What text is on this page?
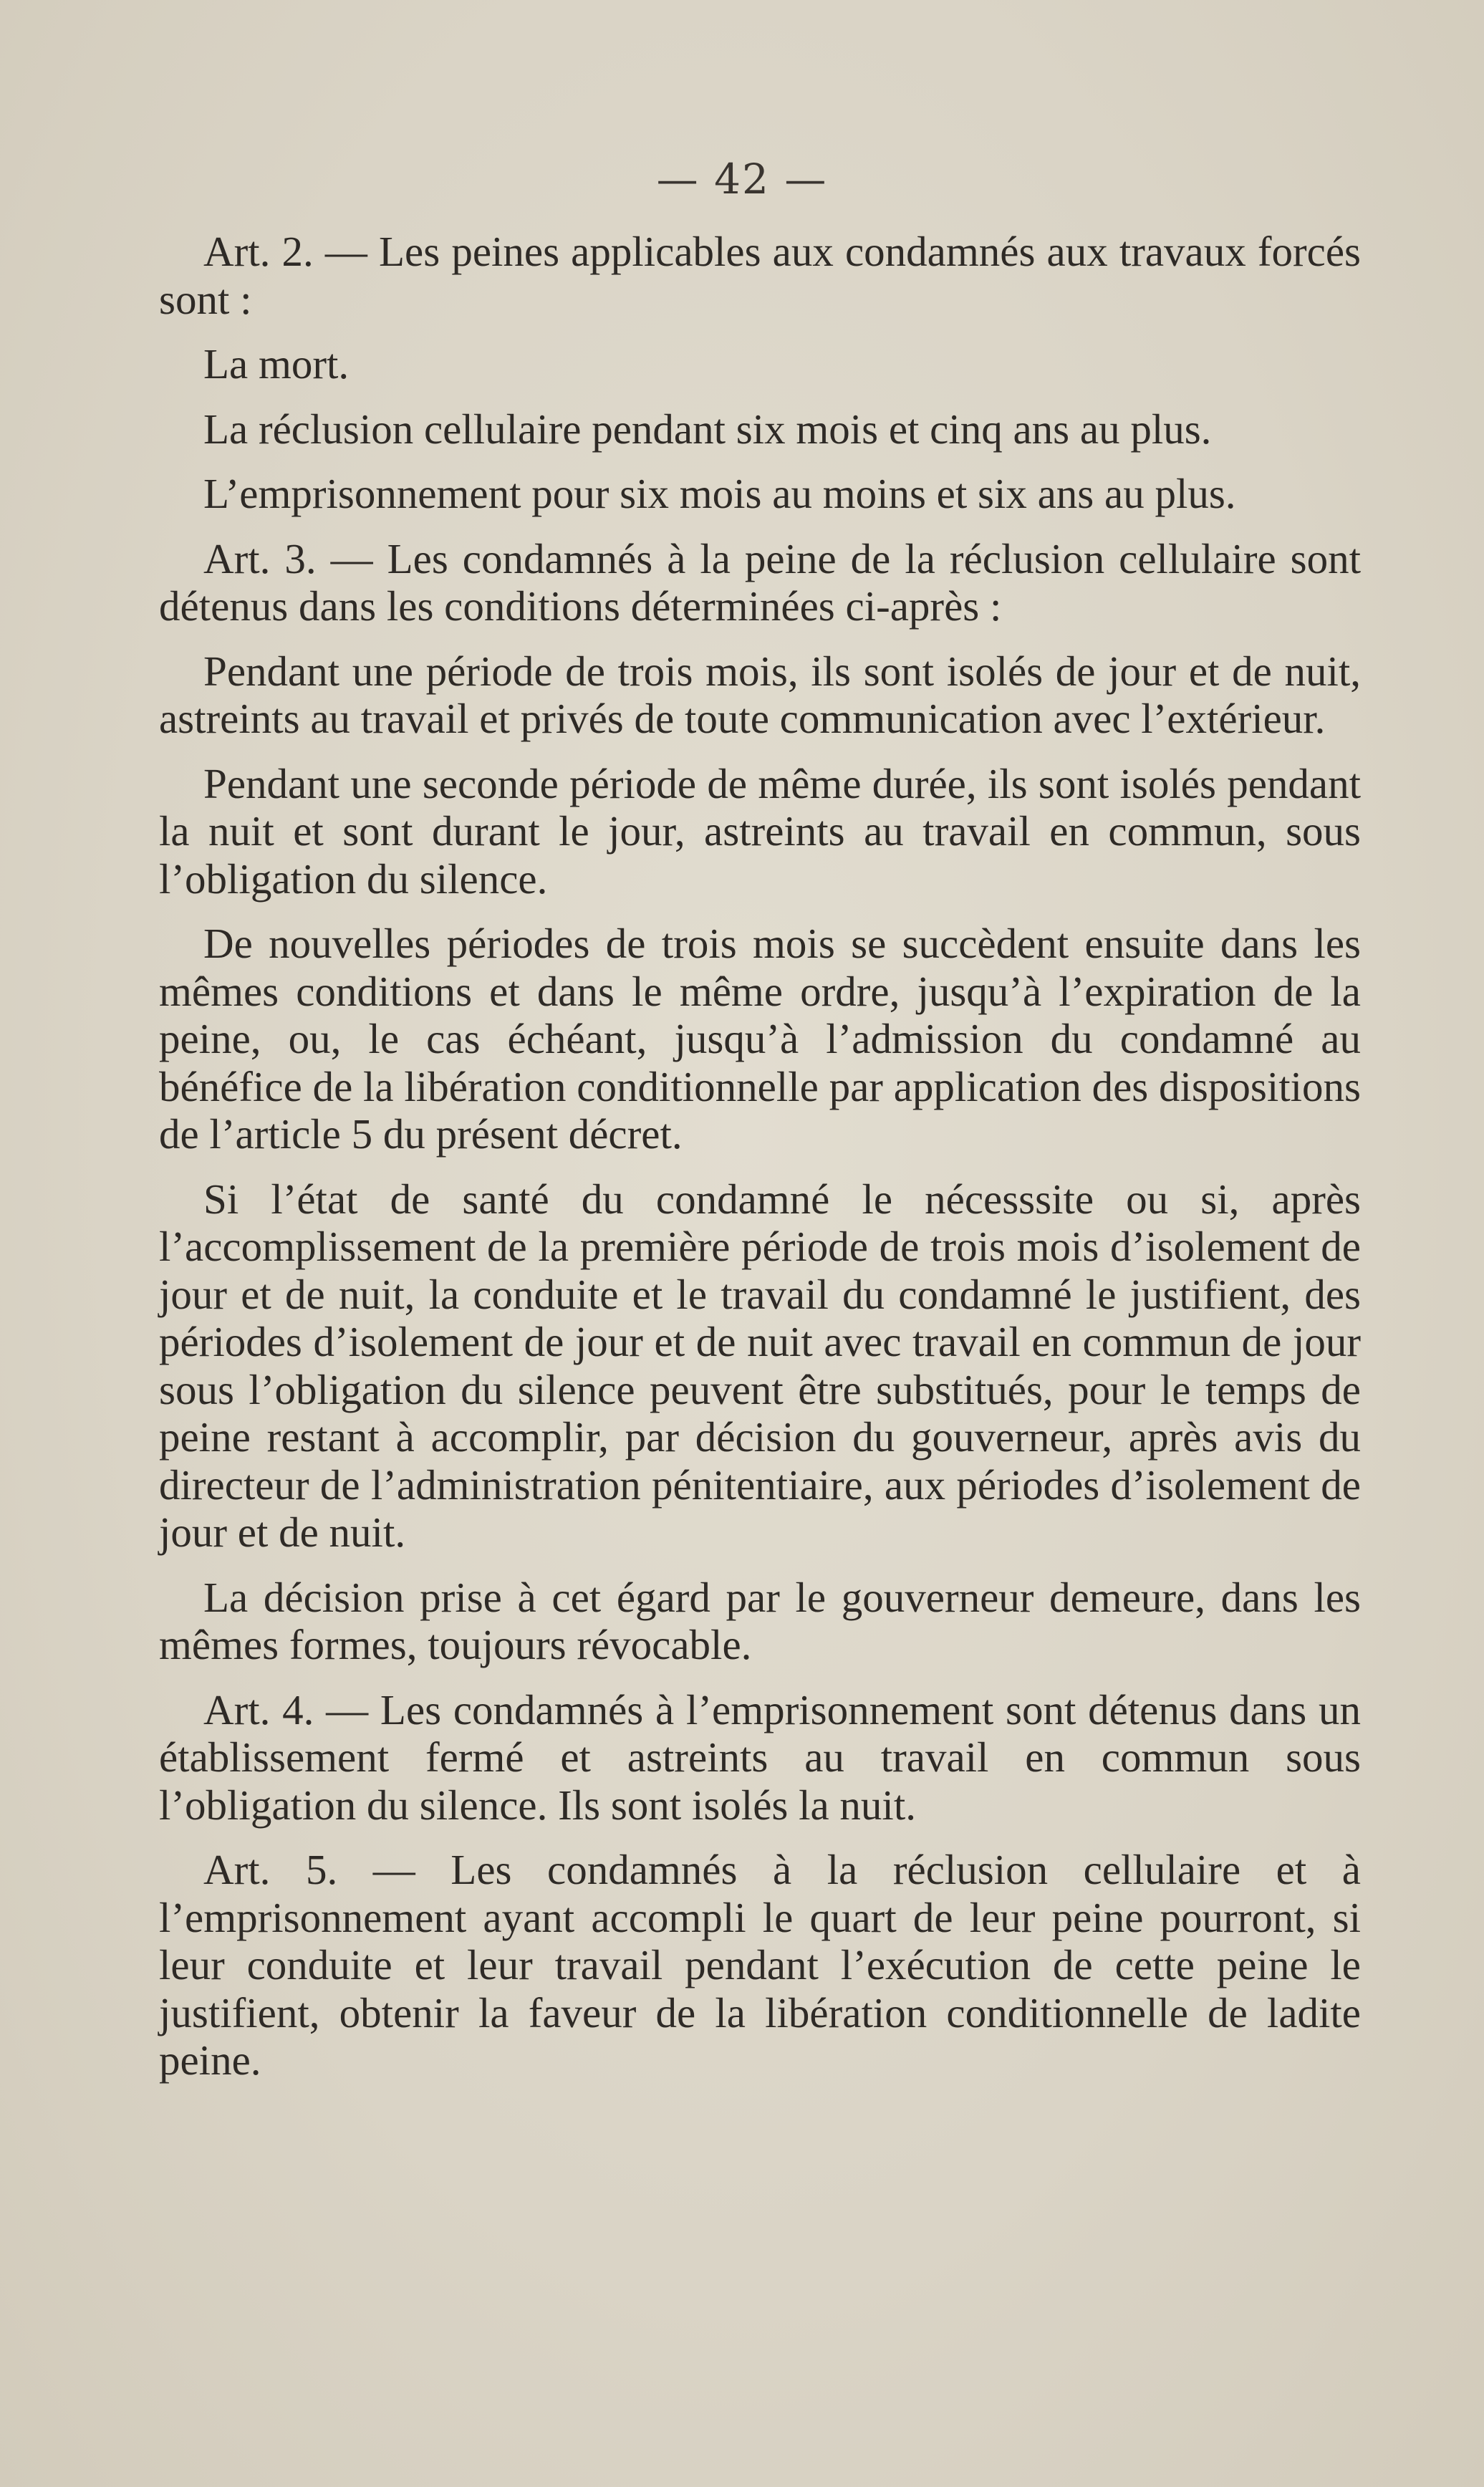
— 42 —

Art. 2. — Les peines applicables aux condamnés aux travaux forcés sont :

La mort.

La réclusion cellulaire pendant six mois et cinq ans au plus.

L’emprisonnement pour six mois au moins et six ans au plus.

Art. 3. — Les condamnés à la peine de la réclusion cellulaire sont détenus dans les conditions déterminées ci-après :

Pendant une période de trois mois, ils sont isolés de jour et de nuit, astreints au travail et privés de toute communication avec l’extérieur.

Pendant une seconde période de même durée, ils sont isolés pendant la nuit et sont durant le jour, astreints au travail en commun, sous l’obligation du silence.

De nouvelles périodes de trois mois se succèdent ensuite dans les mêmes conditions et dans le même ordre, jusqu’à l’expiration de la peine, ou, le cas échéant, jusqu’à l’admission du condamné au bénéfice de la libération conditionnelle par application des dispositions de l’article 5 du présent décret.

Si l’état de santé du condamné le nécesssite ou si, après l’accomplissement de la première période de trois mois d’isolement de jour et de nuit, la conduite et le travail du condamné le justifient, des périodes d’isolement de jour et de nuit avec travail en commun de jour sous l’obligation du silence peuvent être substitués, pour le temps de peine restant à accomplir, par décision du gouverneur, après avis du directeur de l’administration pénitentiaire, aux périodes d’isolement de jour et de nuit.

La décision prise à cet égard par le gouverneur demeure, dans les mêmes formes, toujours révocable.

Art. 4. — Les condamnés à l’emprisonnement sont détenus dans un établissement fermé et astreints au travail en commun sous l’obligation du silence. Ils sont isolés la nuit.

Art. 5. — Les condamnés à la réclusion cellulaire et à l’emprisonnement ayant accompli le quart de leur peine pourront, si leur conduite et leur travail pendant l’exécution de cette peine le justifient, obtenir la faveur de la libération conditionnelle de ladite peine.
